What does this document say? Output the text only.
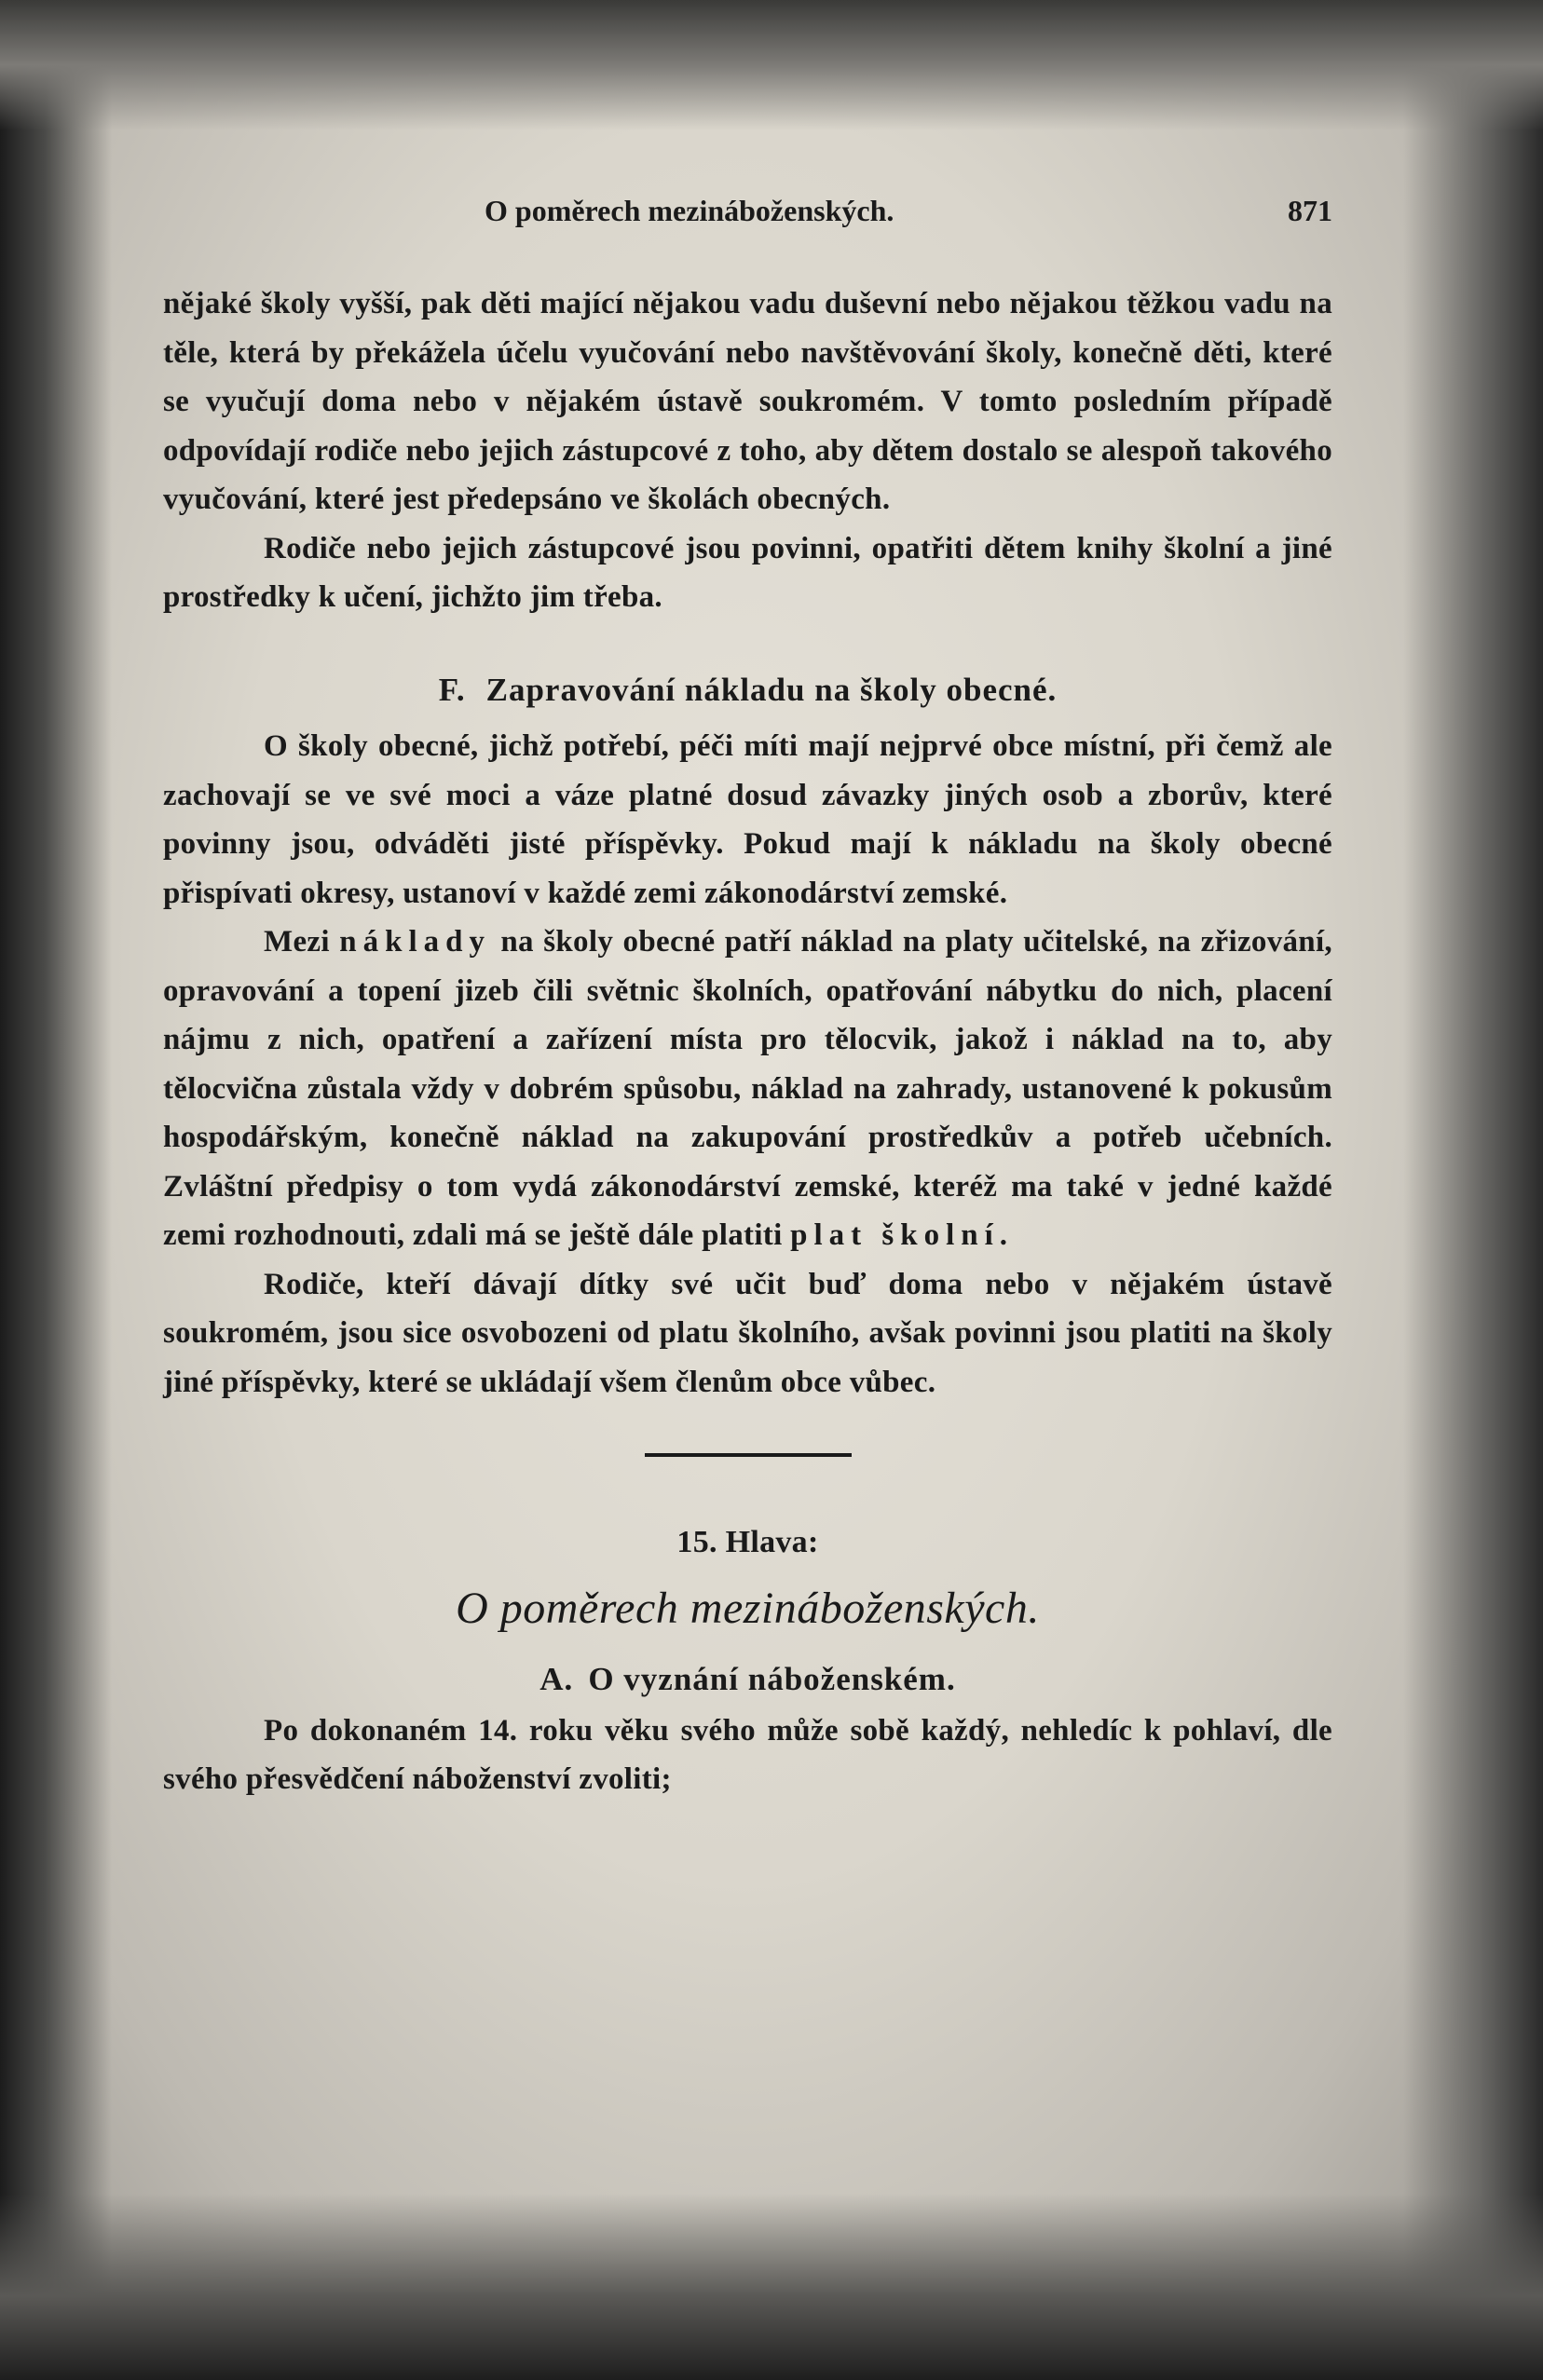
O poměrech mezináboženských.	871

nějaké školy vyšší, pak děti mající nějakou vadu duševní nebo nějakou těžkou vadu na těle, která by překážela účelu vyučování nebo navštěvování školy, konečně děti, které se vyučují doma nebo v nějakém ústavě soukromém. V tomto posledním případě odpovídají rodiče nebo jejich zástupcové z toho, aby dětem dostalo se alespoň takového vyučování, které jest předepsáno ve školách obecných.

Rodiče nebo jejich zástupcové jsou povinni, opatřiti dětem knihy školní a jiné prostředky k učení, jichžto jim třeba.

F. Zapravování nákladu na školy obecné.

O školy obecné, jichž potřebí, péči míti mají nejprvé obce místní, při čemž ale zachovají se ve své moci a váze platné dosud závazky jiných osob a zborův, které povinny jsou, odváděti jisté příspěvky. Pokud mají k nákladu na školy obecné přispívati okresy, ustanoví v každé zemi zákonodárství zemské.

Mezi náklady na školy obecné patří náklad na platy učitelské, na zřizování, opravování a topení jizeb čili světnic školních, opatřování nábytku do nich, placení nájmu z nich, opatření a zařízení místa pro tělocvik, jakož i náklad na to, aby tělocvična zůstala vždy v dobrém spůsobu, náklad na zahrady, ustanovené k pokusům hospodářským, konečně náklad na zakupování prostředkův a potřeb učebních. Zvláštní předpisy o tom vydá zákonodárství zemské, kteréž ma také v jedné každé zemi rozhodnouti, zdali má se ještě dále platiti plat školní.

Rodiče, kteří dávají dítky své učit buď doma nebo v nějakém ústavě soukromém, jsou sice osvobozeni od platu školního, avšak povinni jsou platiti na školy jiné příspěvky, které se ukládají všem členům obce vůbec.

15. Hlava:

O poměrech mezináboženských.

A. O vyznání náboženském.

Po dokonaném 14. roku věku svého může sobě každý, nehledíc k pohlaví, dle svého přesvědčení náboženství zvoliti;
